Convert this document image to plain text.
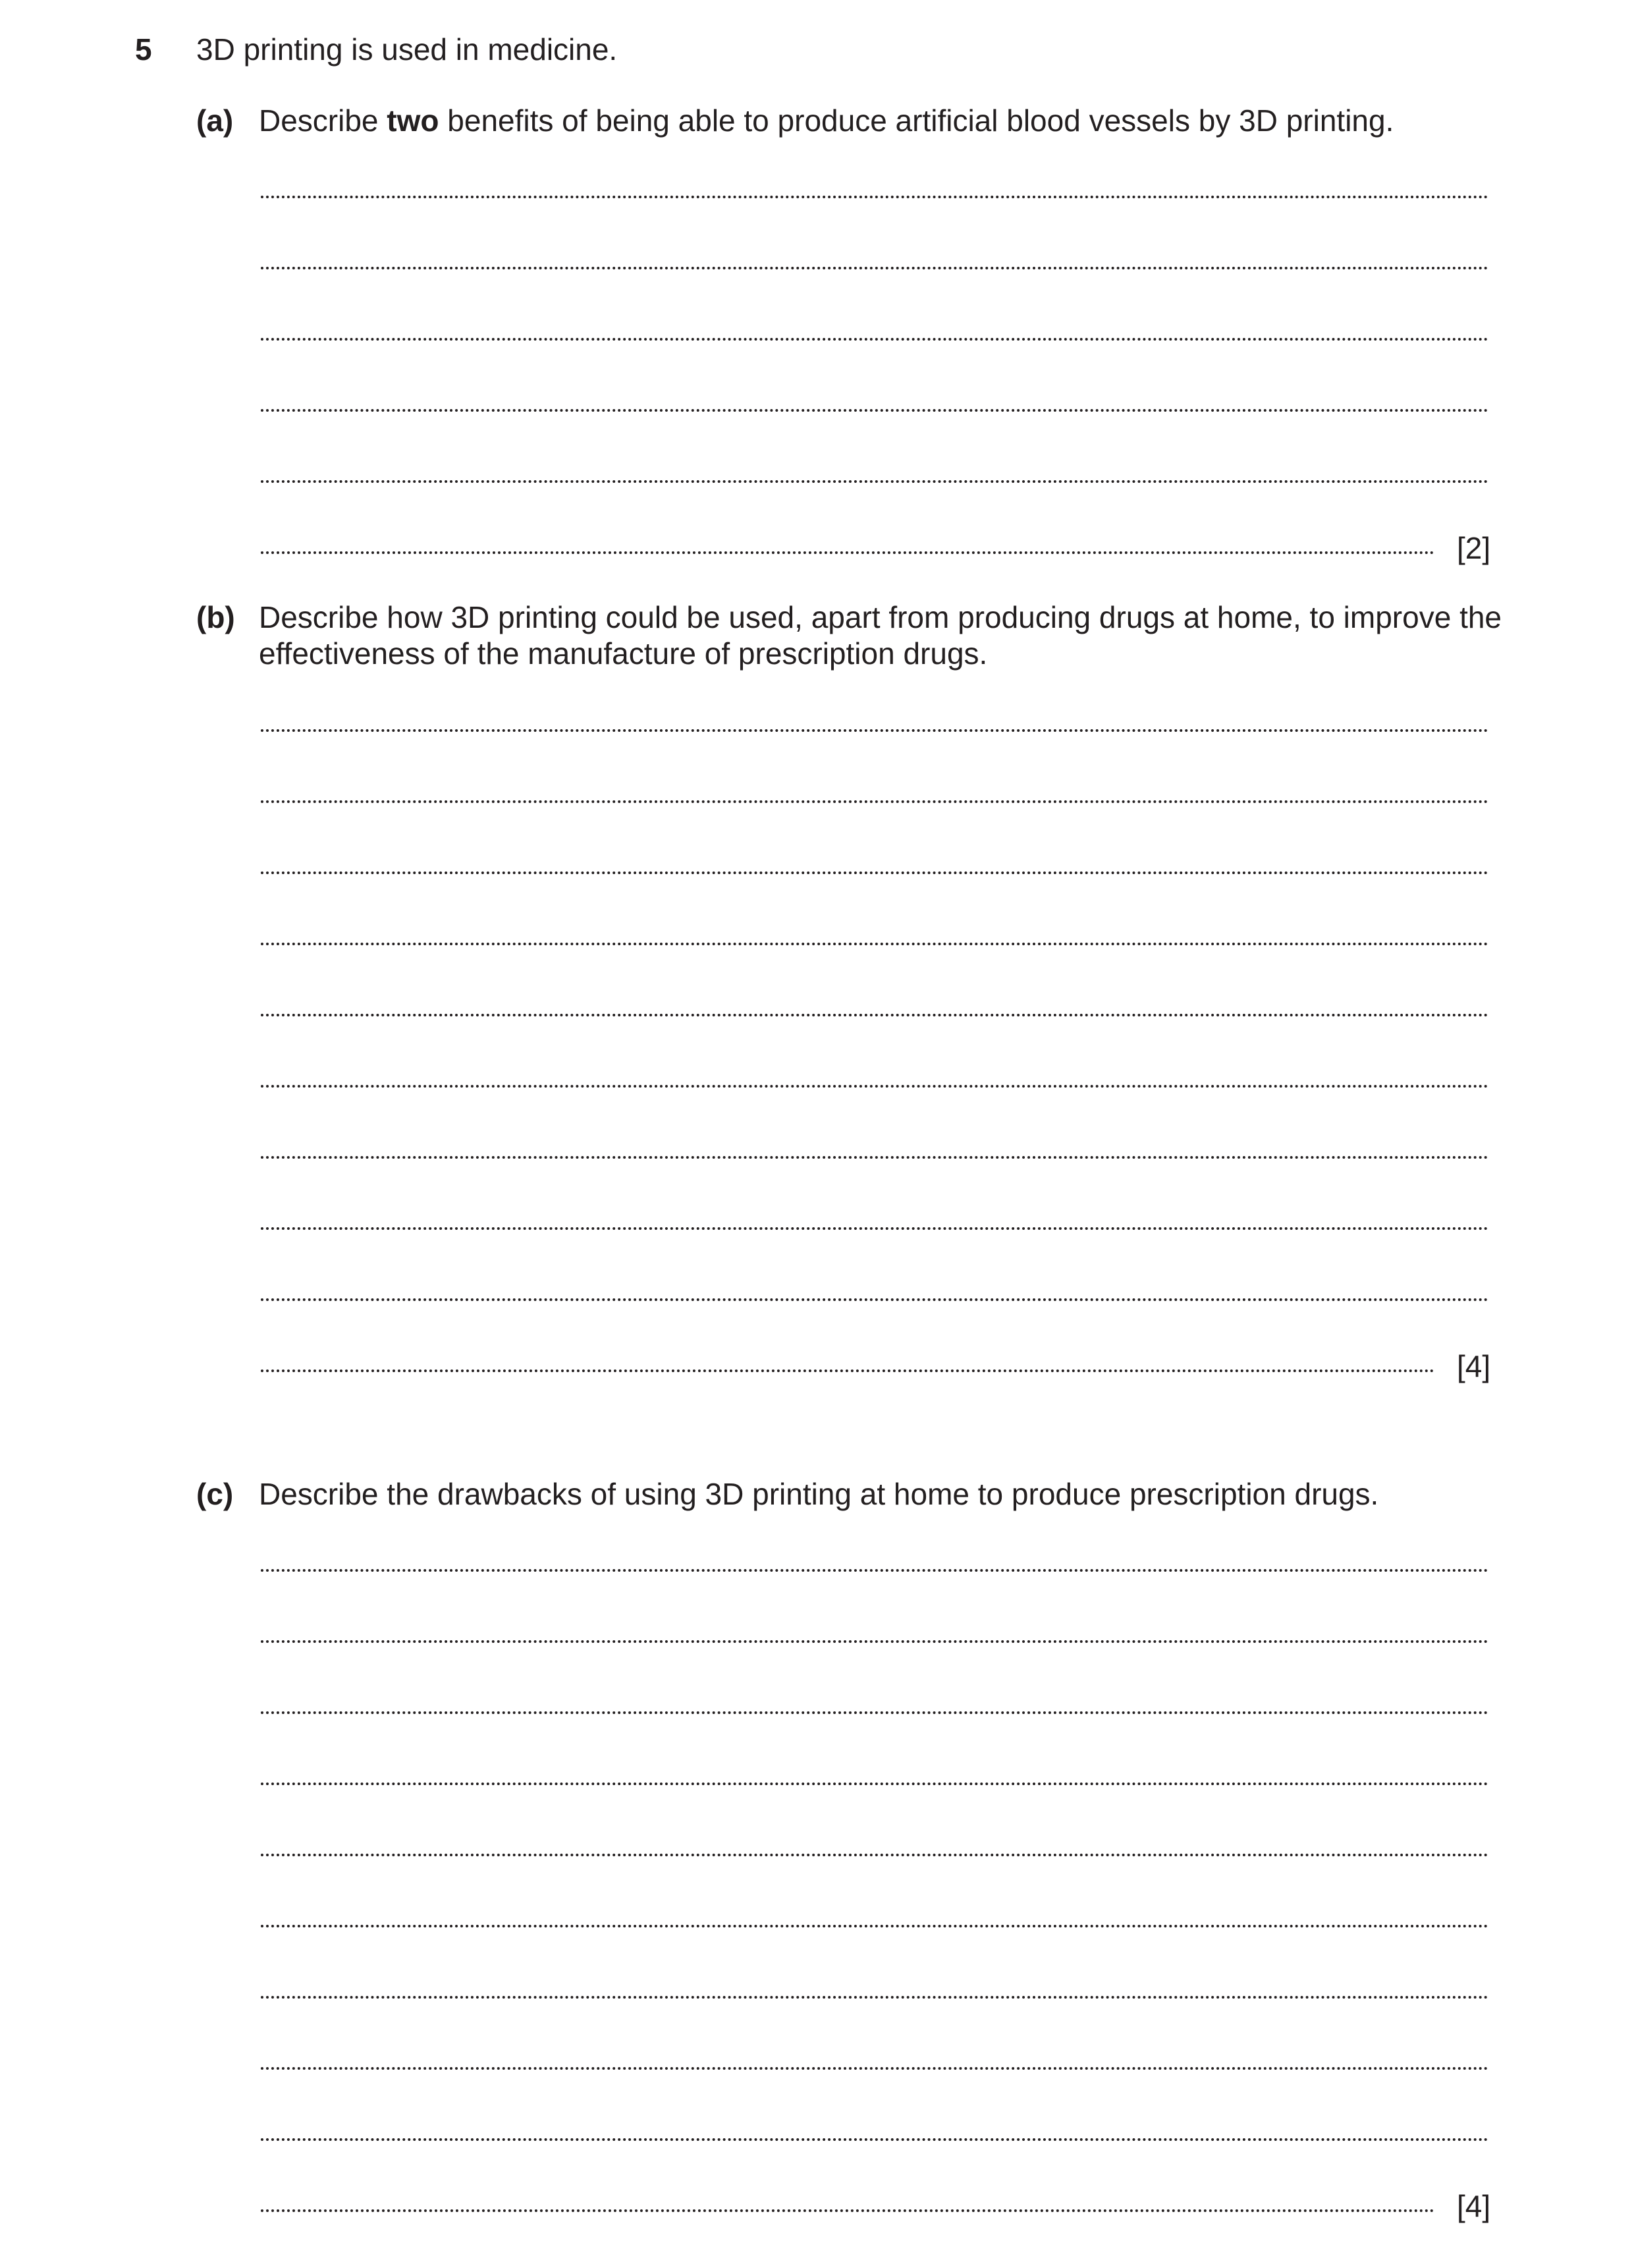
5 3D printing is used in medicine.
(a) Describe two benefits of being able to produce artificial blood vessels by 3D printing.
[2]
(b) Describe how 3D printing could be used, apart from producing drugs at home, to improve the
effectiveness of the manufacture of prescription drugs.
[4]
(c) Describe the drawbacks of using 3D printing at home to produce prescription drugs.
[4]
